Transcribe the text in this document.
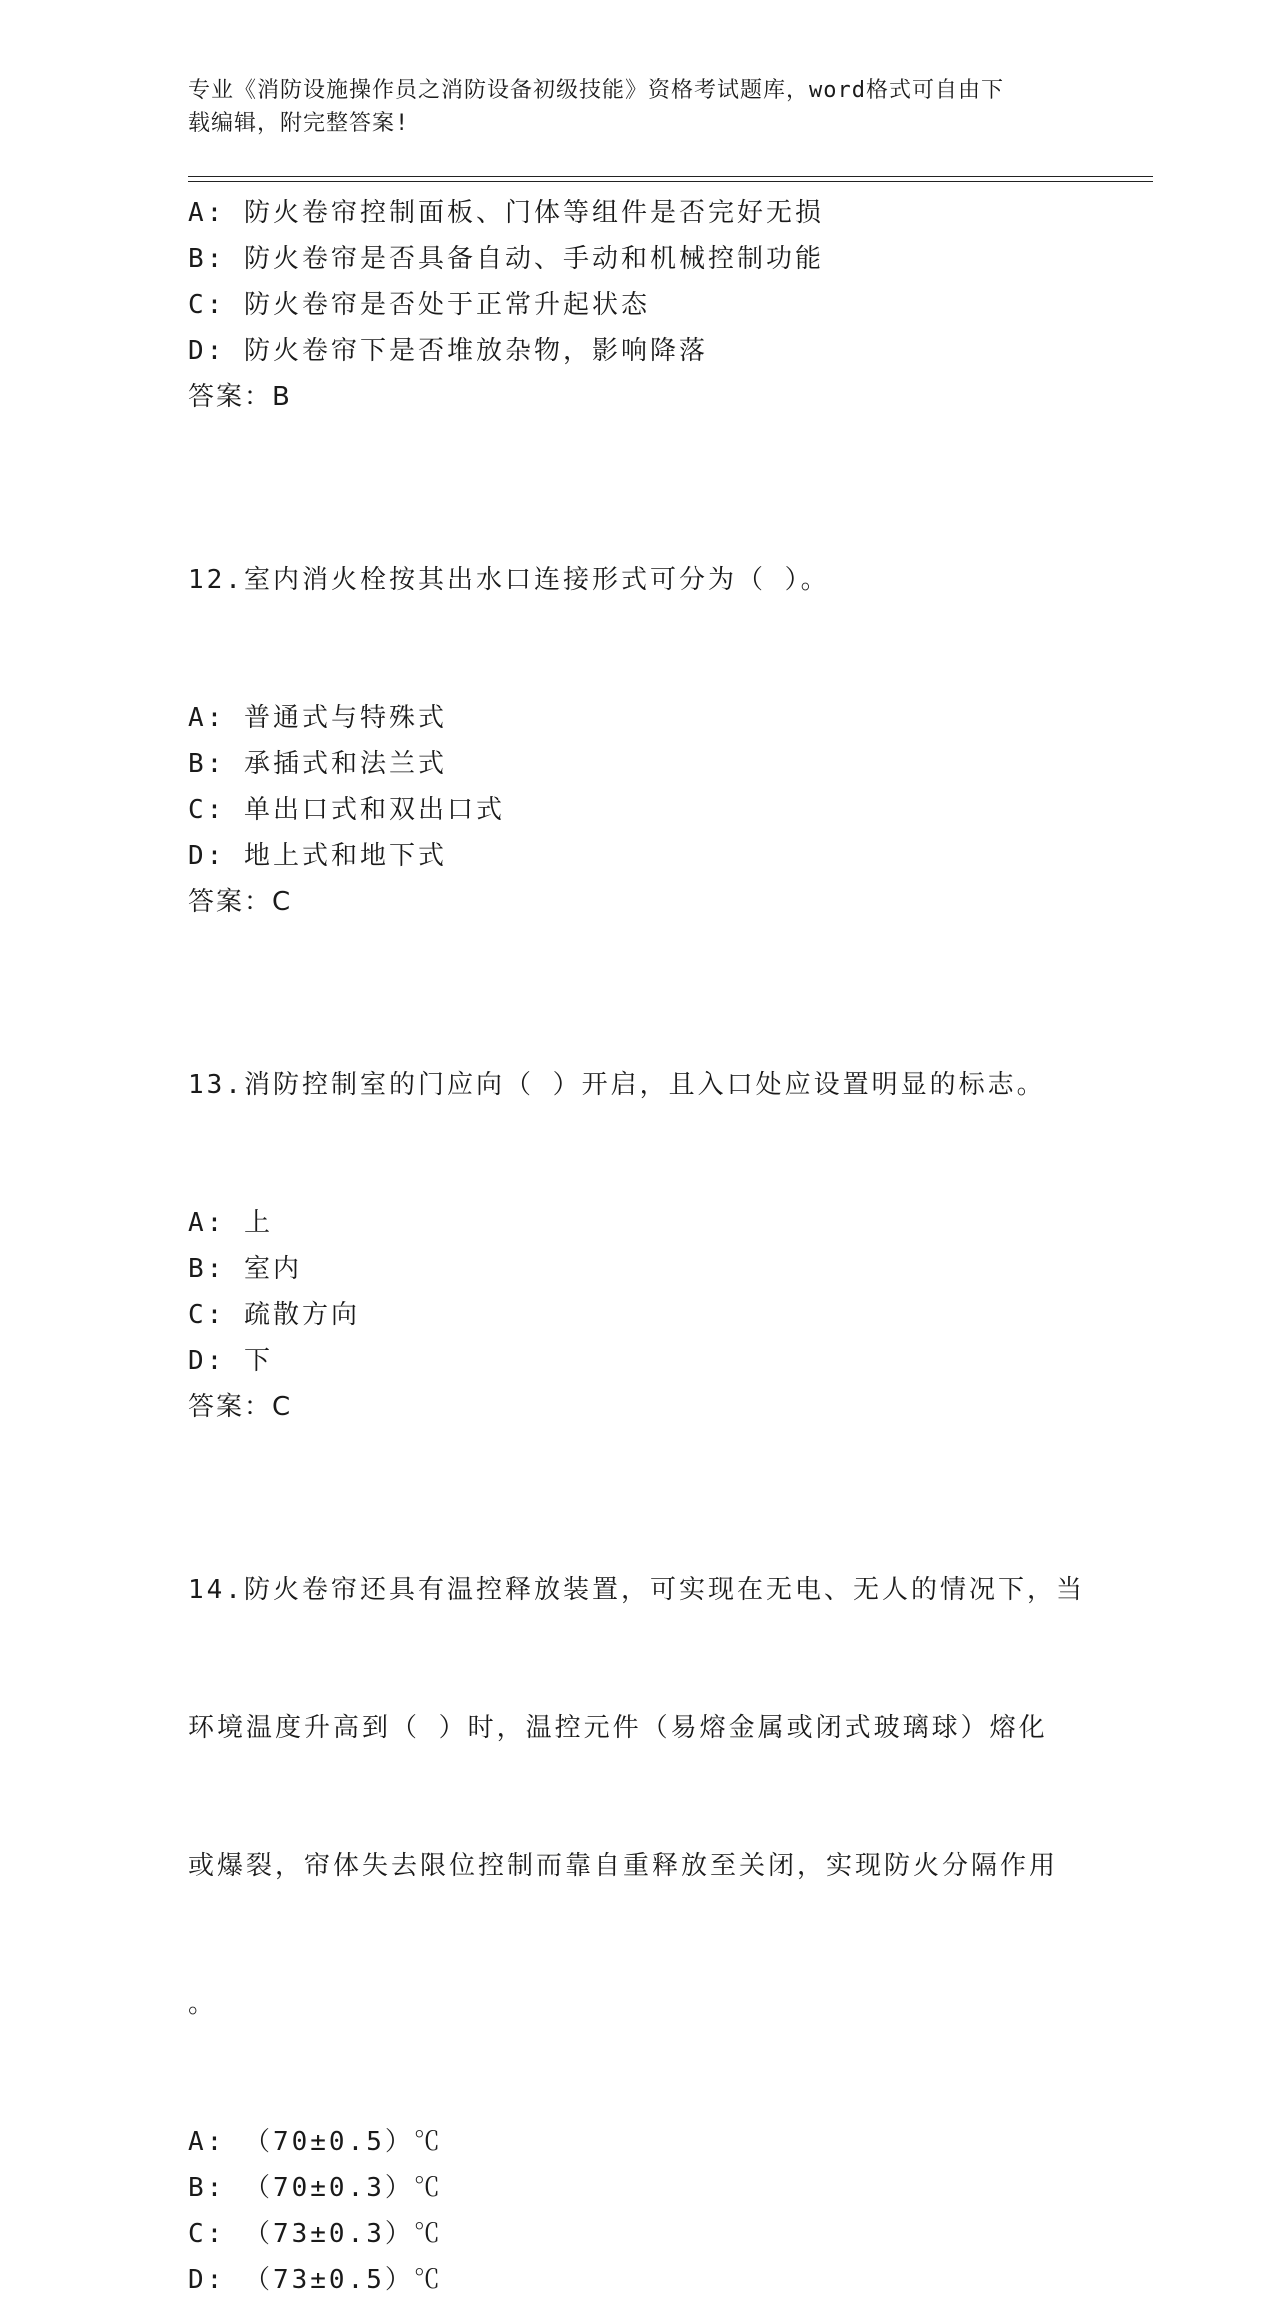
专业《消防设施操作员之消防设备初级技能》资格考试题库，word格式可自由下
载编辑，附完整答案!
A: 防火卷帘控制面板、门体等组件是否完好无损
B: 防火卷帘是否具备自动、手动和机械控制功能
C: 防火卷帘是否处于正常升起状态
D: 防火卷帘下是否堆放杂物，影响降落
答案：B

12.室内消火栓按其出水口连接形式可分为（ ）。

A: 普通式与特殊式
B: 承插式和法兰式
C: 单出口式和双出口式
D: 地上式和地下式
答案：C

13.消防控制室的门应向（ ）开启，且入口处应设置明显的标志。

A: 上
B: 室内
C: 疏散方向
D: 下
答案：C

14.防火卷帘还具有温控释放装置，可实现在无电、无人的情况下，当

环境温度升高到（ ）时，温控元件（易熔金属或闭式玻璃球）熔化

或爆裂，帘体失去限位控制而靠自重释放至关闭，实现防火分隔作用

。

A: （70±0.5）℃
B: （70±0.3）℃
C: （73±0.3）℃
D: （73±0.5）℃
